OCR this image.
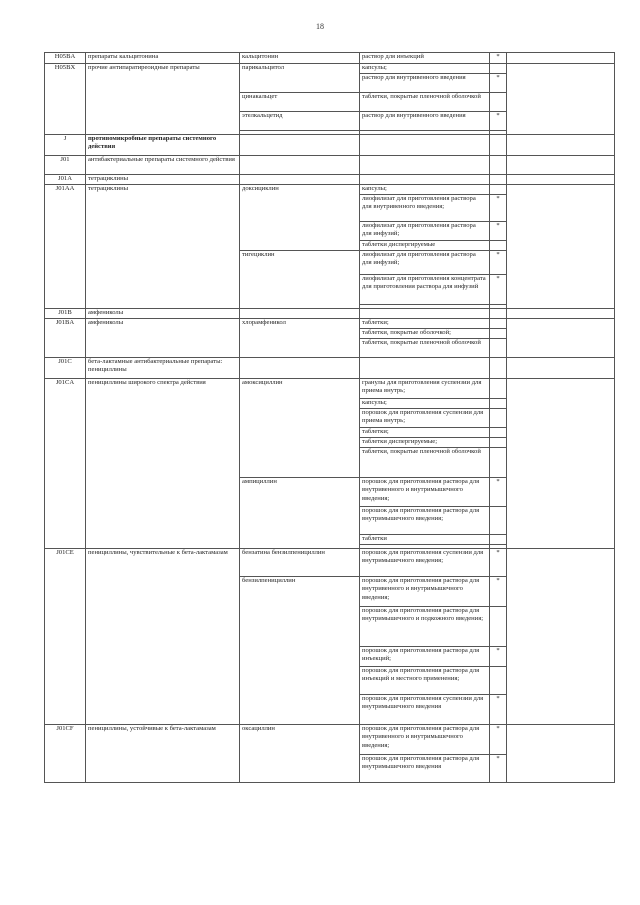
18
H05BA	препараты кальцитонина	кальцитонин	раствор для инъекций	*	
H05BX	прочие антипаратиреоидные препараты	парикальцитол	капсулы;		
			раствор для внутривенного введения	*	
		цинакальцет	таблетки, покрытые пленочной оболочкой		
		этелкальцетид	раствор для внутривенного введения	*	

J	противомикробные препараты системного действия				
J01	антибактериальные препараты системного действия				
J01A	тетрациклины				
J01AA	тетрациклины	доксициклин	капсулы;		
			лиофилизат для приготовления раствора для внутривенного введения;	*	
			лиофилизат для приготовления раствора для инфузий;	*	
			таблетки диспергируемые		
		тигециклин	лиофилизат для приготовления раствора для инфузий;	*	
			лиофилизат для приготовления концентрата для приготовления раствора для инфузий	*	

J01B	амфениколы				
J01BA	амфениколы	хлорамфеникол	таблетки;		
			таблетки, покрытые оболочкой;		
			таблетки, покрытые пленочной оболочкой		
J01C	бета-лактамные антибактериальные препараты: пенициллины				
J01CA	пенициллины широкого спектра действия	амоксициллин	гранулы для приготовления суспензии для приема внутрь;		
			капсулы;		
			порошок для приготовления суспензии для приема внутрь;		
			таблетки;		
			таблетки диспергируемые;		
			таблетки, покрытые пленочной оболочкой		
		ампициллин	порошок для приготовления раствора для внутривенного и внутримышечного введения;	*	
			порошок для приготовления раствора для внутримышечного введения;		
			таблетки		

J01CE	пенициллины, чувствительные к бета-лактамазам	бензатина бензилпенициллин	порошок для приготовления суспензии для внутримышечного введения;	*	
		бензилпенициллин	порошок для приготовления раствора для внутривенного и внутримышечного введения;	*	
			порошок для приготовления раствора для внутримышечного и подкожного введения;		
			порошок для приготовления раствора для инъекций;	*	
			порошок для приготовления раствора для инъекций и местного применения;		
			порошок для приготовления суспензии для внутримышечного введения	*	
J01CF	пенициллины, устойчивые к бета-лактамазам	оксациллин	порошок для приготовления раствора для внутривенного и внутримышечного введения;	*	
			порошок для приготовления раствора для внутримышечного введения	*	
